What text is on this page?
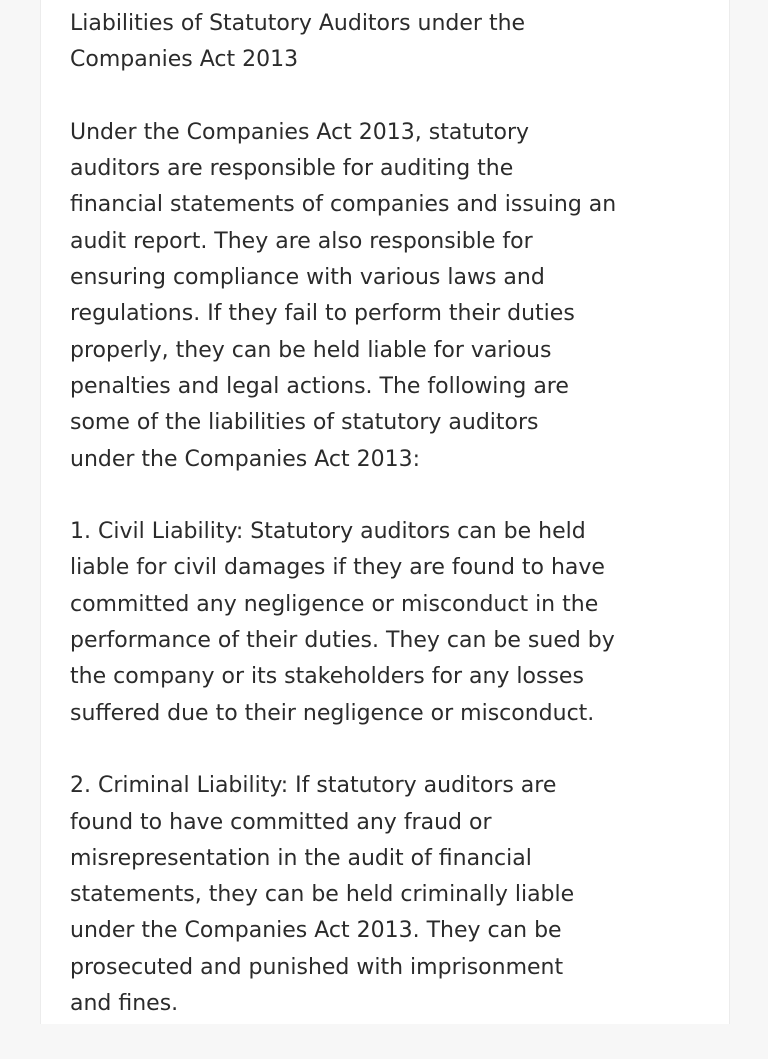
Liabilities of Statutory Auditors under the
Companies Act 2013
Under the Companies Act 2013, statutory
auditors are responsible for auditing the
financial statements of companies and issuing an
audit report. They are also responsible for
ensuring compliance with various laws and
regulations. If they fail to perform their duties
properly, they can be held liable for various
penalties and legal actions. The following are
some of the liabilities of statutory auditors
under the Companies Act 2013:
1. Civil Liability: Statutory auditors can be held
liable for civil damages if they are found to have
committed any negligence or misconduct in the
performance of their duties. They can be sued by
the company or its stakeholders for any losses
suffered due to their negligence or misconduct.
2. Criminal Liability: If statutory auditors are
found to have committed any fraud or
misrepresentation in the audit of financial
statements, they can be held criminally liable
under the Companies Act 2013. They can be
prosecuted and punished with imprisonment
and fines.
